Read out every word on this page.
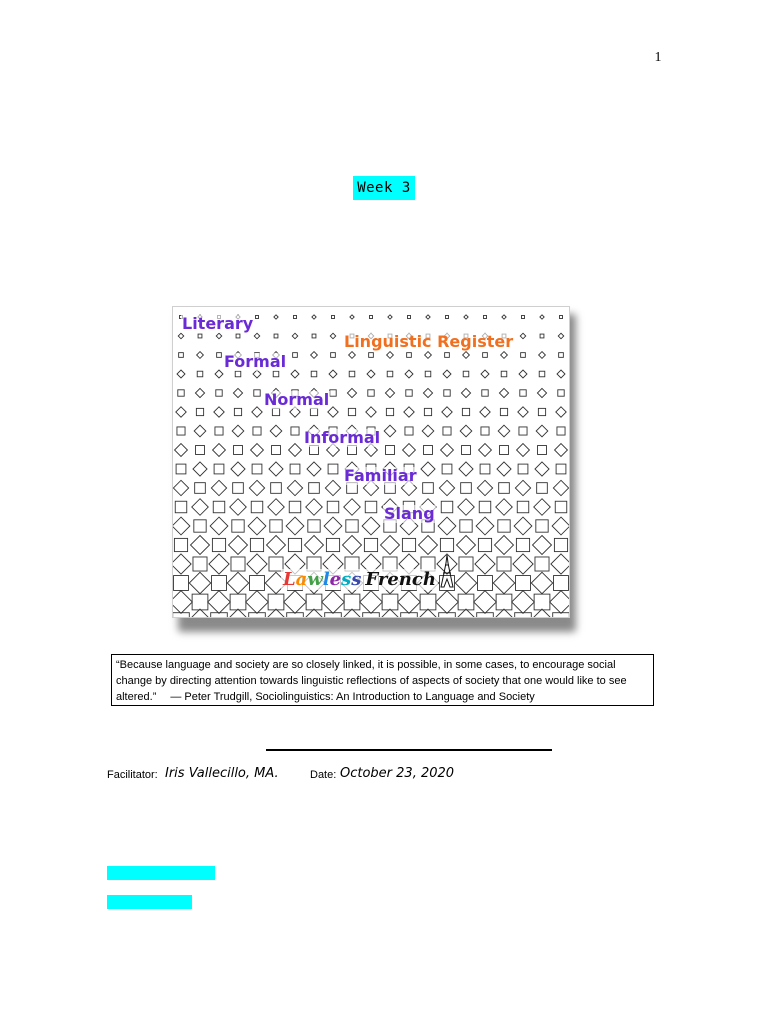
1
Week 3
Literary
Linguistic Register
Formal
Normal
Informal
Familiar
Slang
Lawless French
“Because language and society are so closely linked, it is possible, in some cases, to encourage social change by directing attention towards linguistic reflections of aspects of society that one would like to see altered.” — Peter Trudgill, Sociolinguistics: An Introduction to Language and Society
Facilitator: Iris Vallecillo, MA.	Date: October 23, 2020
